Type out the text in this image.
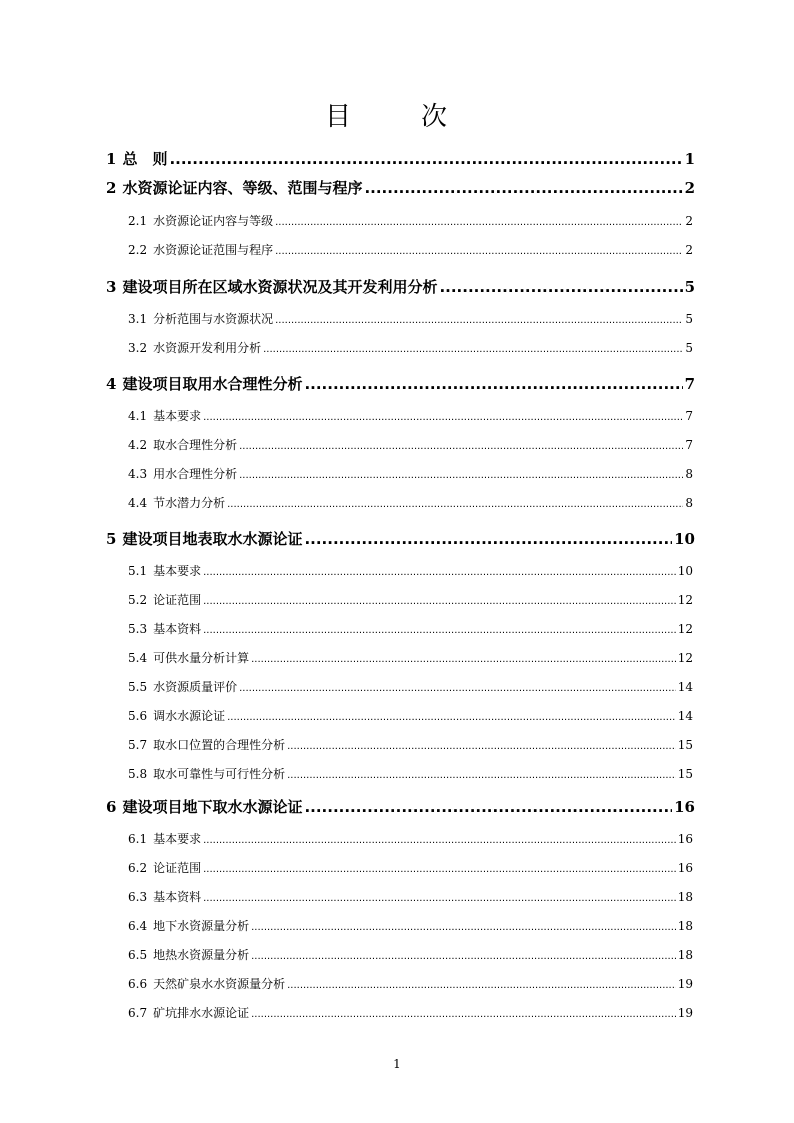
目　次
1 总　则 .....	1
2 水资源论证内容、等级、范围与程序 .....	2
2.1 水资源论证内容与等级 .....	2
2.2 水资源论证范围与程序 .....	2
3 建设项目所在区域水资源状况及其开发利用分析 .....	5
3.1 分析范围与水资源状况 .....	5
3.2 水资源开发利用分析 .....	5
4 建设项目取用水合理性分析 .....	7
4.1 基本要求 .....	7
4.2 取水合理性分析 .....	7
4.3 用水合理性分析 .....	8
4.4 节水潜力分析 .....	8
5 建设项目地表取水水源论证 .....	10
5.1 基本要求 .....	10
5.2 论证范围 .....	12
5.3 基本资料 .....	12
5.4 可供水量分析计算 .....	12
5.5 水资源质量评价 .....	14
5.6 调水水源论证 .....	14
5.7 取水口位置的合理性分析 .....	15
5.8 取水可靠性与可行性分析 .....	15
6 建设项目地下取水水源论证 .....	16
6.1 基本要求 .....	16
6.2 论证范围 .....	16
6.3 基本资料 .....	18
6.4 地下水资源量分析 .....	18
6.5 地热水资源量分析 .....	18
6.6 天然矿泉水水资源量分析 .....	19
6.7 矿坑排水水源论证 .....	19
1
